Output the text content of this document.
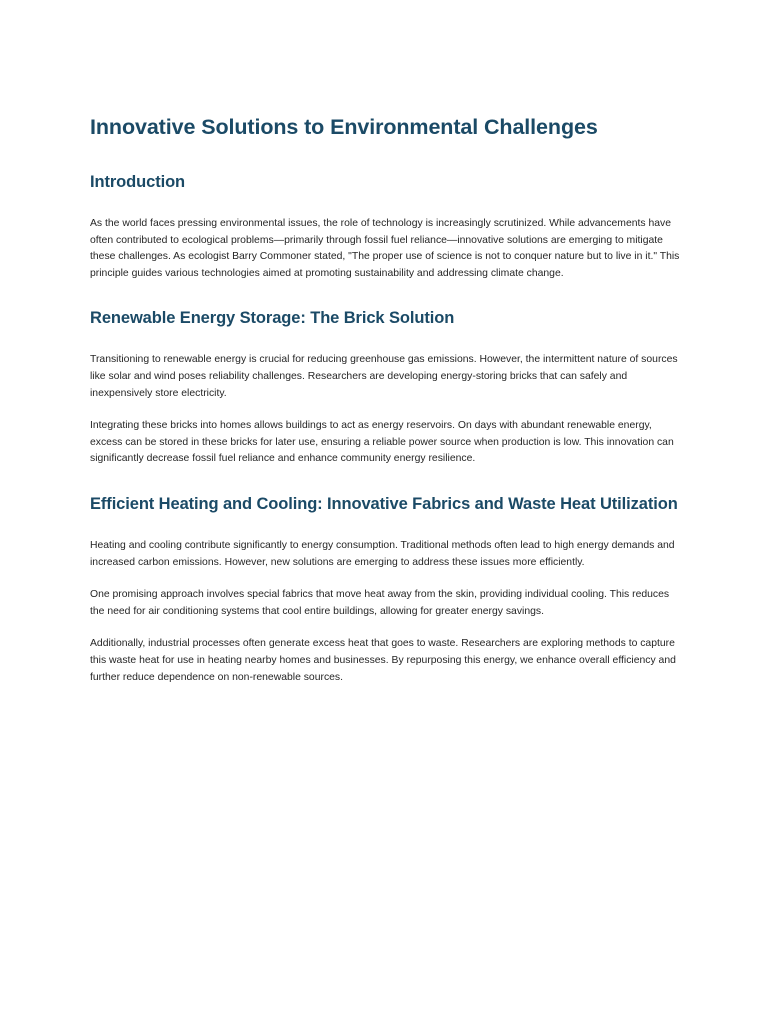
Innovative Solutions to Environmental Challenges
Introduction

As the world faces pressing environmental issues, the role of technology is increasingly scrutinized. While advancements have often contributed to ecological problems—primarily through fossil fuel reliance—innovative solutions are emerging to mitigate these challenges. As ecologist Barry Commoner stated, "The proper use of science is not to conquer nature but to live in it." This principle guides various technologies aimed at promoting sustainability and addressing climate change.

Renewable Energy Storage: The Brick Solution

Transitioning to renewable energy is crucial for reducing greenhouse gas emissions. However, the intermittent nature of sources like solar and wind poses reliability challenges. Researchers are developing energy-storing bricks that can safely and inexpensively store electricity.

Integrating these bricks into homes allows buildings to act as energy reservoirs. On days with abundant renewable energy, excess can be stored in these bricks for later use, ensuring a reliable power source when production is low. This innovation can significantly decrease fossil fuel reliance and enhance community energy resilience.

Efficient Heating and Cooling: Innovative Fabrics and Waste Heat Utilization

Heating and cooling contribute significantly to energy consumption. Traditional methods often lead to high energy demands and increased carbon emissions. However, new solutions are emerging to address these issues more efficiently.

One promising approach involves special fabrics that move heat away from the skin, providing individual cooling. This reduces the need for air conditioning systems that cool entire buildings, allowing for greater energy savings.

Additionally, industrial processes often generate excess heat that goes to waste. Researchers are exploring methods to capture this waste heat for use in heating nearby homes and businesses. By repurposing this energy, we enhance overall efficiency and further reduce dependence on non-renewable sources.
